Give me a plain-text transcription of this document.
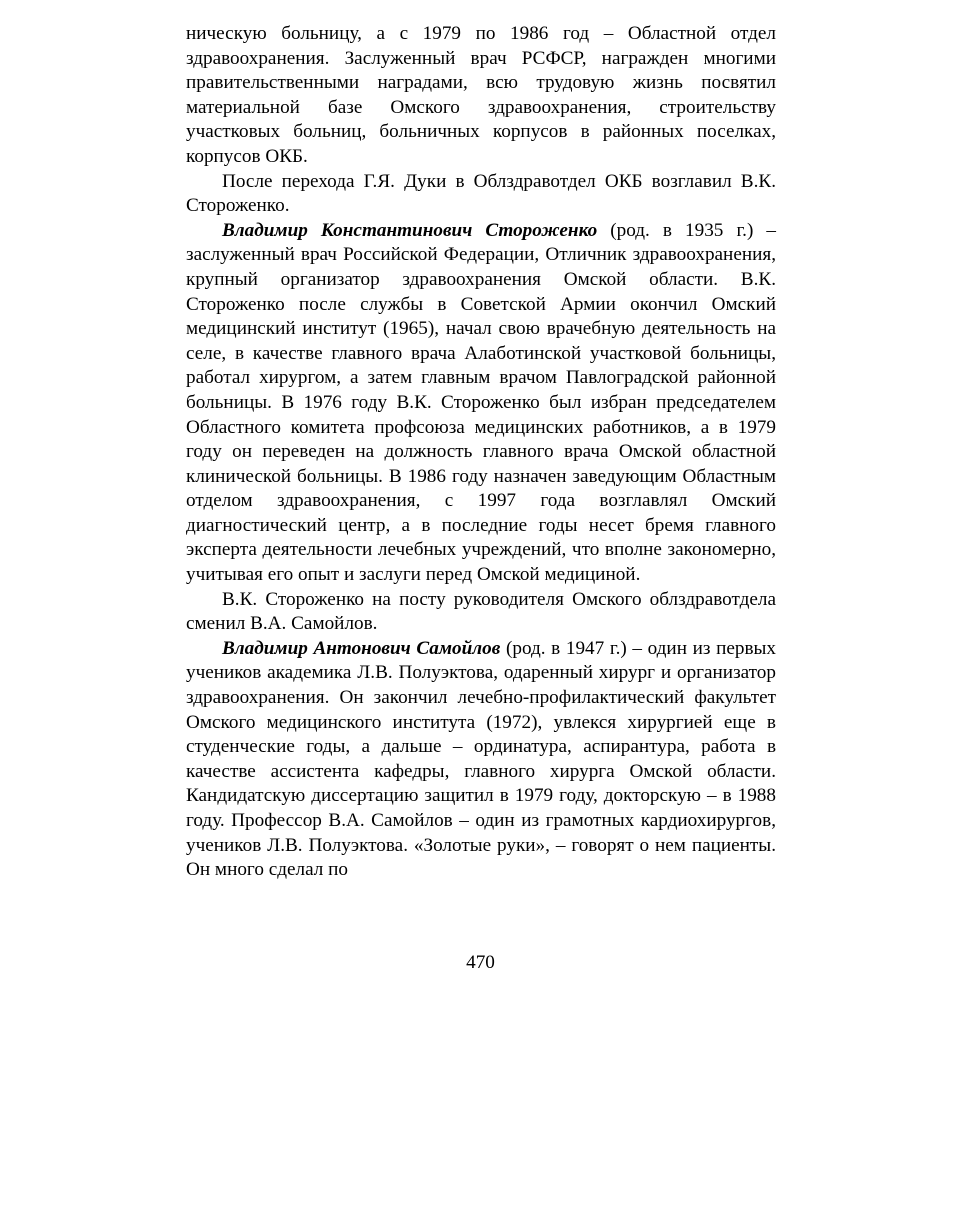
ническую больницу, а с 1979 по 1986 год – Областной отдел здравоохранения. Заслуженный врач РСФСР, награжден многими правительственными наградами, всю трудовую жизнь посвятил материальной базе Омского здравоохранения, строительству участковых больниц, больничных корпусов в районных поселках, корпусов ОКБ.

После перехода Г.Я. Дуки в Облздравотдел ОКБ возглавил В.К. Стороженко.

Владимир Константинович Стороженко (род. в 1935 г.) – заслуженный врач Российской Федерации, Отличник здравоохранения, крупный организатор здравоохранения Омской области. В.К. Стороженко после службы в Советской Армии окончил Омский медицинский институт (1965), начал свою врачебную деятельность на селе, в качестве главного врача Алаботинской участковой больницы, работал хирургом, а затем главным врачом Павлоградской районной больницы. В 1976 году В.К. Стороженко был избран председателем Областного комитета профсоюза медицинских работников, а в 1979 году он переведен на должность главного врача Омской областной клинической больницы. В 1986 году назначен заведующим Областным отделом здравоохранения, с 1997 года возглавлял Омский диагностический центр, а в последние годы несет бремя главного эксперта деятельности лечебных учреждений, что вполне закономерно, учитывая его опыт и заслуги перед Омской медициной.

В.К. Стороженко на посту руководителя Омского облздравотдела сменил В.А. Самойлов.

Владимир Антонович Самойлов (род. в 1947 г.) – один из первых учеников академика Л.В. Полуэктова, одаренный хирург и организатор здравоохранения. Он закончил лечебно-профилактический факультет Омского медицинского института (1972), увлекся хирургией еще в студенческие годы, а дальше – ординатура, аспирантура, работа в качестве ассистента кафедры, главного хирурга Омской области. Кандидатскую диссертацию защитил в 1979 году, докторскую – в 1988 году. Профессор В.А. Самойлов – один из грамотных кардиохирургов, учеников Л.В. Полуэктова. «Золотые руки», – говорят о нем пациенты. Он много сделал по

470
